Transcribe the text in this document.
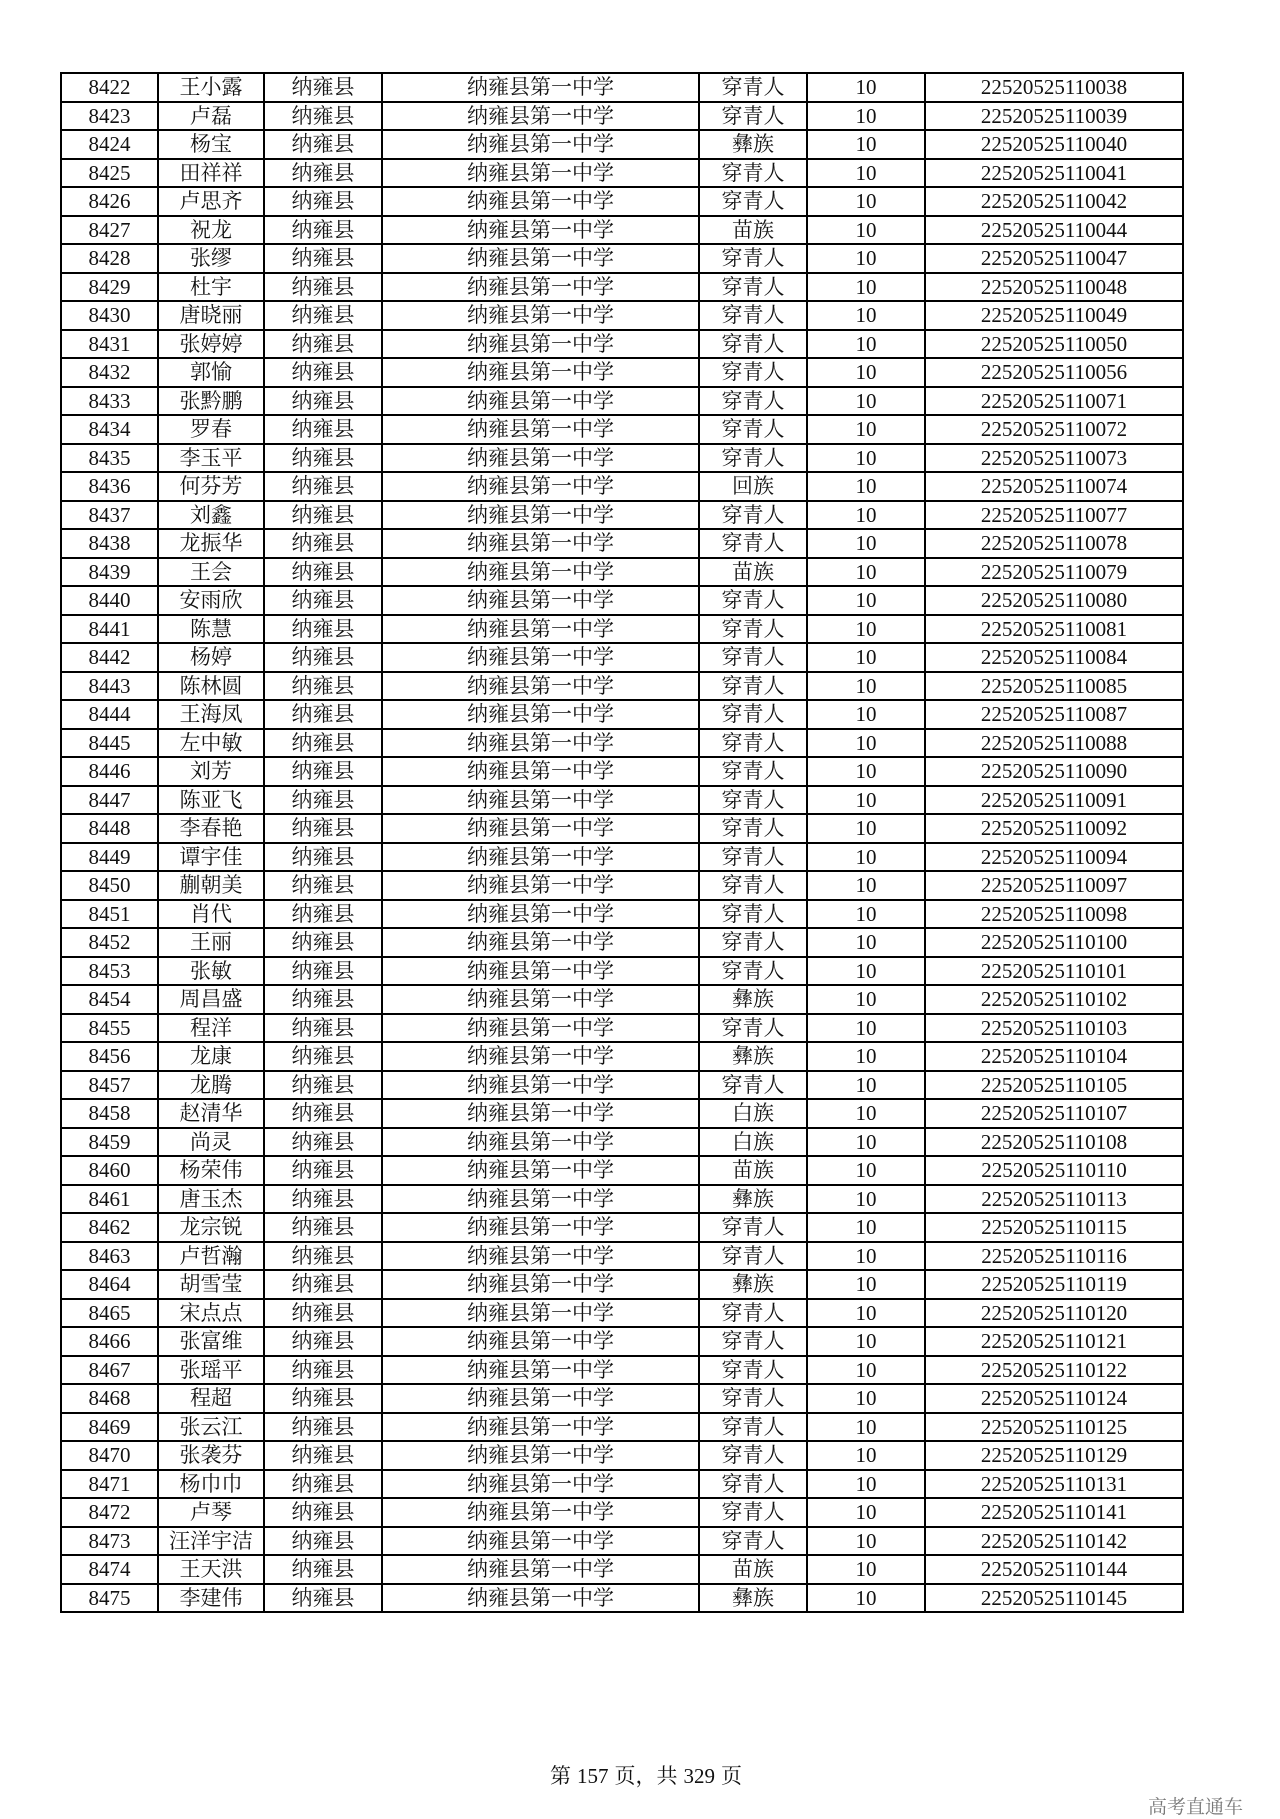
8422	王小露	纳雍县	纳雍县第一中学	穿青人	10	22520525110038
8423	卢磊	纳雍县	纳雍县第一中学	穿青人	10	22520525110039
8424	杨宝	纳雍县	纳雍县第一中学	彝族	10	22520525110040
8425	田祥祥	纳雍县	纳雍县第一中学	穿青人	10	22520525110041
8426	卢思齐	纳雍县	纳雍县第一中学	穿青人	10	22520525110042
8427	祝龙	纳雍县	纳雍县第一中学	苗族	10	22520525110044
8428	张缪	纳雍县	纳雍县第一中学	穿青人	10	22520525110047
8429	杜宇	纳雍县	纳雍县第一中学	穿青人	10	22520525110048
8430	唐晓丽	纳雍县	纳雍县第一中学	穿青人	10	22520525110049
8431	张婷婷	纳雍县	纳雍县第一中学	穿青人	10	22520525110050
8432	郭愉	纳雍县	纳雍县第一中学	穿青人	10	22520525110056
8433	张黔鹏	纳雍县	纳雍县第一中学	穿青人	10	22520525110071
8434	罗春	纳雍县	纳雍县第一中学	穿青人	10	22520525110072
8435	李玉平	纳雍县	纳雍县第一中学	穿青人	10	22520525110073
8436	何芬芳	纳雍县	纳雍县第一中学	回族	10	22520525110074
8437	刘鑫	纳雍县	纳雍县第一中学	穿青人	10	22520525110077
8438	龙振华	纳雍县	纳雍县第一中学	穿青人	10	22520525110078
8439	王会	纳雍县	纳雍县第一中学	苗族	10	22520525110079
8440	安雨欣	纳雍县	纳雍县第一中学	穿青人	10	22520525110080
8441	陈慧	纳雍县	纳雍县第一中学	穿青人	10	22520525110081
8442	杨婷	纳雍县	纳雍县第一中学	穿青人	10	22520525110084
8443	陈林圆	纳雍县	纳雍县第一中学	穿青人	10	22520525110085
8444	王海凤	纳雍县	纳雍县第一中学	穿青人	10	22520525110087
8445	左中敏	纳雍县	纳雍县第一中学	穿青人	10	22520525110088
8446	刘芳	纳雍县	纳雍县第一中学	穿青人	10	22520525110090
8447	陈亚飞	纳雍县	纳雍县第一中学	穿青人	10	22520525110091
8448	李春艳	纳雍县	纳雍县第一中学	穿青人	10	22520525110092
8449	谭宇佳	纳雍县	纳雍县第一中学	穿青人	10	22520525110094
8450	蒯朝美	纳雍县	纳雍县第一中学	穿青人	10	22520525110097
8451	肖代	纳雍县	纳雍县第一中学	穿青人	10	22520525110098
8452	王丽	纳雍县	纳雍县第一中学	穿青人	10	22520525110100
8453	张敏	纳雍县	纳雍县第一中学	穿青人	10	22520525110101
8454	周昌盛	纳雍县	纳雍县第一中学	彝族	10	22520525110102
8455	程洋	纳雍县	纳雍县第一中学	穿青人	10	22520525110103
8456	龙康	纳雍县	纳雍县第一中学	彝族	10	22520525110104
8457	龙腾	纳雍县	纳雍县第一中学	穿青人	10	22520525110105
8458	赵清华	纳雍县	纳雍县第一中学	白族	10	22520525110107
8459	尚灵	纳雍县	纳雍县第一中学	白族	10	22520525110108
8460	杨荣伟	纳雍县	纳雍县第一中学	苗族	10	22520525110110
8461	唐玉杰	纳雍县	纳雍县第一中学	彝族	10	22520525110113
8462	龙宗锐	纳雍县	纳雍县第一中学	穿青人	10	22520525110115
8463	卢哲瀚	纳雍县	纳雍县第一中学	穿青人	10	22520525110116
8464	胡雪莹	纳雍县	纳雍县第一中学	彝族	10	22520525110119
8465	宋点点	纳雍县	纳雍县第一中学	穿青人	10	22520525110120
8466	张富维	纳雍县	纳雍县第一中学	穿青人	10	22520525110121
8467	张瑶平	纳雍县	纳雍县第一中学	穿青人	10	22520525110122
8468	程超	纳雍县	纳雍县第一中学	穿青人	10	22520525110124
8469	张云江	纳雍县	纳雍县第一中学	穿青人	10	22520525110125
8470	张袭芬	纳雍县	纳雍县第一中学	穿青人	10	22520525110129
8471	杨巾巾	纳雍县	纳雍县第一中学	穿青人	10	22520525110131
8472	卢琴	纳雍县	纳雍县第一中学	穿青人	10	22520525110141
8473	汪洋宇洁	纳雍县	纳雍县第一中学	穿青人	10	22520525110142
8474	王天洪	纳雍县	纳雍县第一中学	苗族	10	22520525110144
8475	李建伟	纳雍县	纳雍县第一中学	彝族	10	22520525110145
第 157 页，共 329 页
高考直通车
